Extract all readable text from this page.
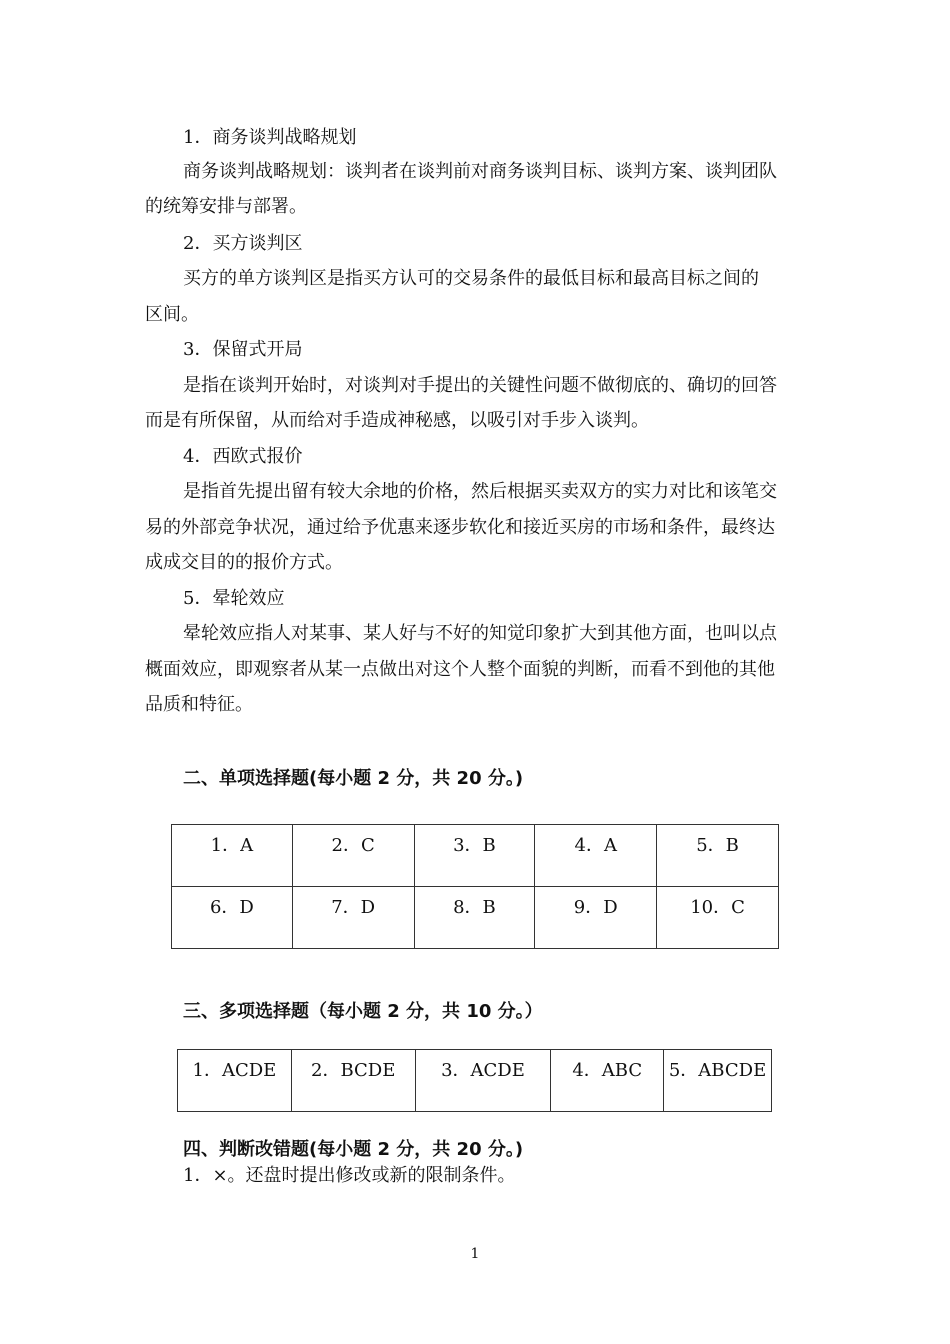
1．商务谈判战略规划
商务谈判战略规划：谈判者在谈判前对商务谈判目标、谈判方案、谈判团队
的统筹安排与部署。
2．买方谈判区
买方的单方谈判区是指买方认可的交易条件的最低目标和最高目标之间的
区间。
3．保留式开局
是指在谈判开始时，对谈判对手提出的关键性问题不做彻底的、确切的回答
而是有所保留，从而给对手造成神秘感，以吸引对手步入谈判。
4．西欧式报价
是指首先提出留有较大余地的价格，然后根据买卖双方的实力对比和该笔交
易的外部竞争状况，通过给予优惠来逐步软化和接近买房的市场和条件，最终达
成成交目的的报价方式。
5．晕轮效应
晕轮效应指人对某事、某人好与不好的知觉印象扩大到其他方面，也叫以点
概面效应，即观察者从某一点做出对这个人整个面貌的判断，而看不到他的其他
品质和特征。
二、单项选择题(每小题 2 分，共 20 分。)
1．A	2．C	3．B	4．A	5．B
6．D	7．D	8．B	9．D	10．C
三、多项选择题（每小题 2 分，共 10 分。）
1．ACDE	2．BCDE	3．ACDE	4．ABC	5．ABCDE
四、判断改错题(每小题 2 分，共 20 分。)
1．×。还盘时提出修改或新的限制条件。
1
